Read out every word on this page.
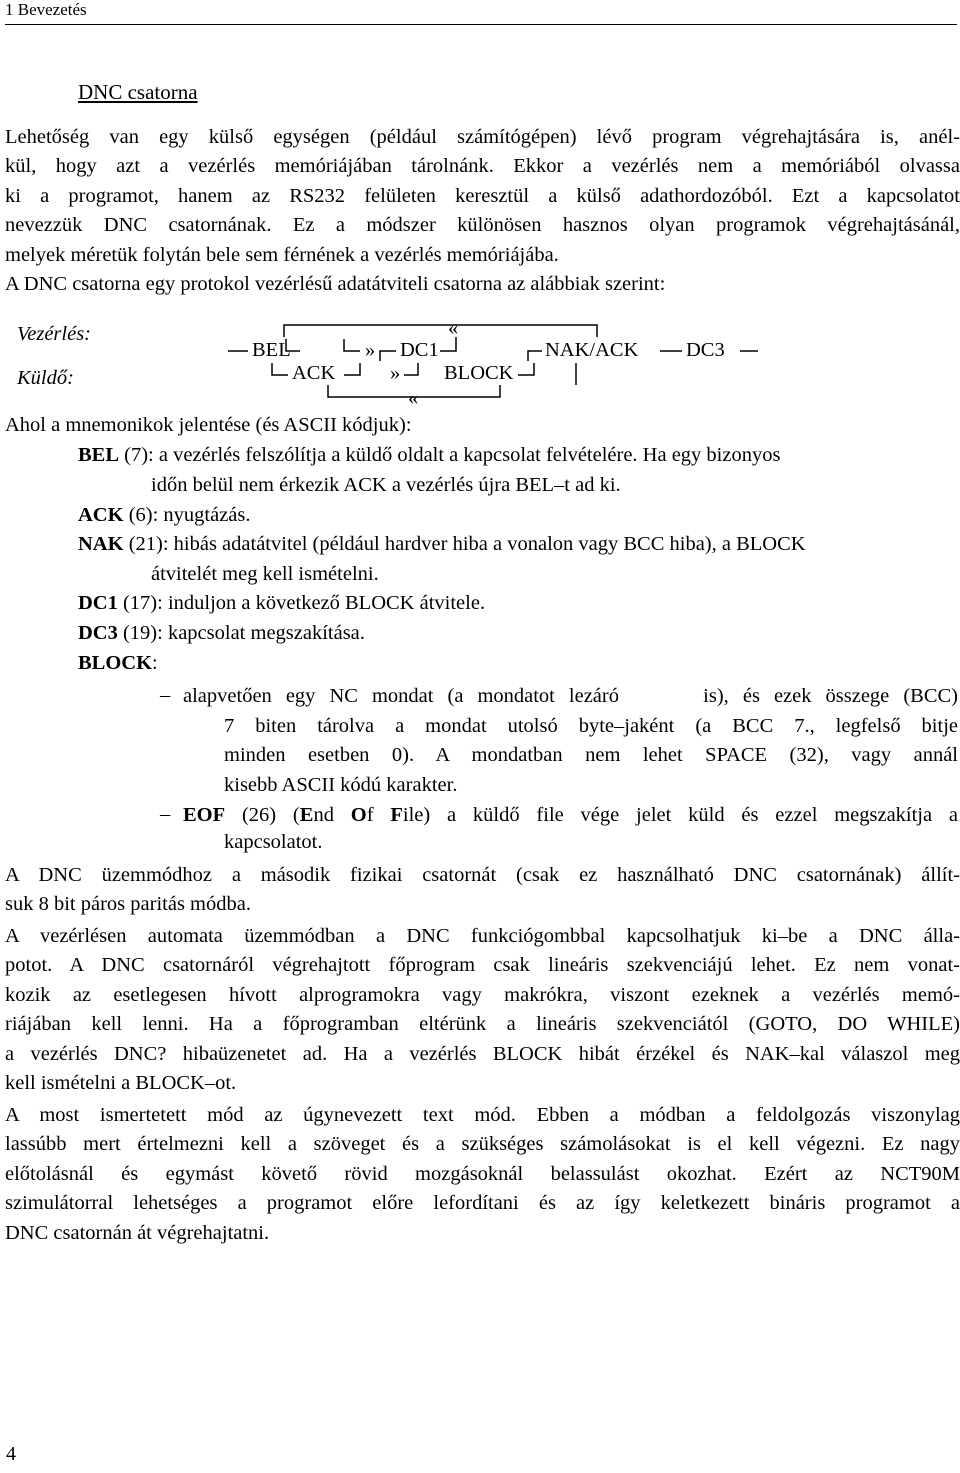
1 Bevezetés
DNC csatorna
Lehetőség van egy külső egységen (például számítógépen) lévő program végrehajtására is, anél-
kül, hogy azt a vezérlés memóriájában tárolnánk. Ekkor a vezérlés nem a memóriából olvassa
ki a programot, hanem az RS232 felületen keresztül a külső adathordozóból. Ezt a kapcsolatot
nevezzük DNC csatornának. Ez a módszer különösen hasznos olyan programok végrehajtásánál,
melyek méretük folytán bele sem férnének a vezérlés memóriájába.
A DNC csatorna egy protokol vezérlésű adatátviteli csatorna az alábbiak szerint:
Vezérlés:
Küldő:
BEL	» DC1	NAK/ACK DC3
«
ACK	» BLOCK
«
Ahol a mnemonikok jelentése (és ASCII kódjuk):
BEL (7): a vezérlés felszólítja a küldő oldalt a kapcsolat felvételére. Ha egy bizonyos
időn belül nem érkezik ACK a vezérlés újra BEL–t ad ki.
ACK (6): nyugtázás.
NAK (21): hibás adatátvitel (például hardver hiba a vonalon vagy BCC hiba), a BLOCK
átvitelét meg kell ismételni.
DC1 (17): induljon a következő BLOCK átvitele.
DC3 (19): kapcsolat megszakítása.
BLOCK:
– alapvetően egy NC mondat (a mondatot lezáró      is), és ezek összege (BCC)
7 biten tárolva a mondat utolsó byte–jaként (a BCC 7., legfelső bitje
minden esetben 0). A mondatban nem lehet SPACE (32), vagy annál
kisebb ASCII kódú karakter.
– EOF (26) (End Of File) a küldő file vége jelet küld és ezzel megszakítja a
kapcsolatot.
A DNC üzemmódhoz a második fizikai csatornát (csak ez használható DNC csatornának) állít-
suk 8 bit páros paritás módba.
A vezérlésen automata üzemmódban a DNC funkciógombbal kapcsolhatjuk ki–be a DNC álla-
potot. A DNC csatornáról végrehajtott főprogram csak lineáris szekvenciájú lehet. Ez nem vonat-
kozik az esetlegesen hívott alprogramokra vagy makrókra, viszont ezeknek a vezérlés memó-
riájában kell lenni. Ha a főprogramban eltérünk a lineáris szekvenciától (GOTO, DO WHILE)
a vezérlés DNC? hibaüzenetet ad. Ha a vezérlés BLOCK hibát érzékel és NAK–kal válaszol meg
kell ismételni a BLOCK–ot.
A most ismertetett mód az úgynevezett text mód. Ebben a módban a feldolgozás viszonylag
lassúbb mert értelmezni kell a szöveget és a szükséges számolásokat is el kell végezni. Ez nagy
előtolásnál és egymást követő rövid mozgásoknál belassulást okozhat. Ezért az NCT90M
szimulátorral lehetséges a programot előre lefordítani és az így keletkezett bináris programot a
DNC csatornán át végrehajtatni.
4
